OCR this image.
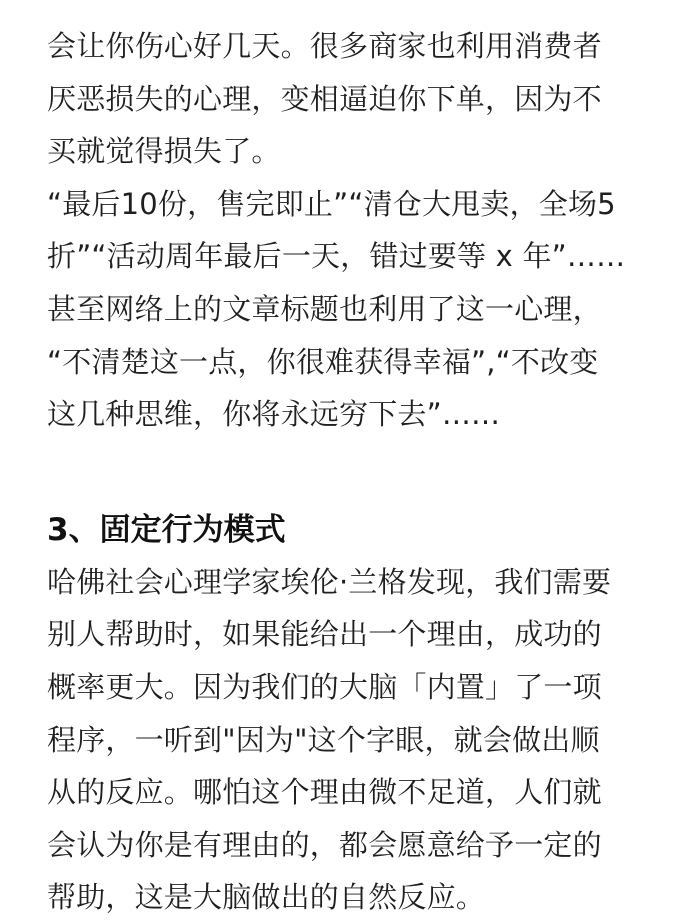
会让你伤心好几天。很多商家也利用消费者
厌恶损失的心理，变相逼迫你下单，因为不
买就觉得损失了。
“最后10份，售完即止”“清仓大甩卖，全场5
折”“活动周年最后一天，错过要等 x 年”……
甚至网络上的文章标题也利用了这一心理，
“不清楚这一点，你很难获得幸福”,“不改变
这几种思维，你将永远穷下去”……
3、固定行为模式
哈佛社会心理学家埃伦·兰格发现，我们需要
别人帮助时，如果能给出一个理由，成功的
概率更大。因为我们的大脑「内置」了一项
程序，一听到"因为"这个字眼，就会做出顺
从的反应。哪怕这个理由微不足道，人们就
会认为你是有理由的，都会愿意给予一定的
帮助，这是大脑做出的自然反应。
